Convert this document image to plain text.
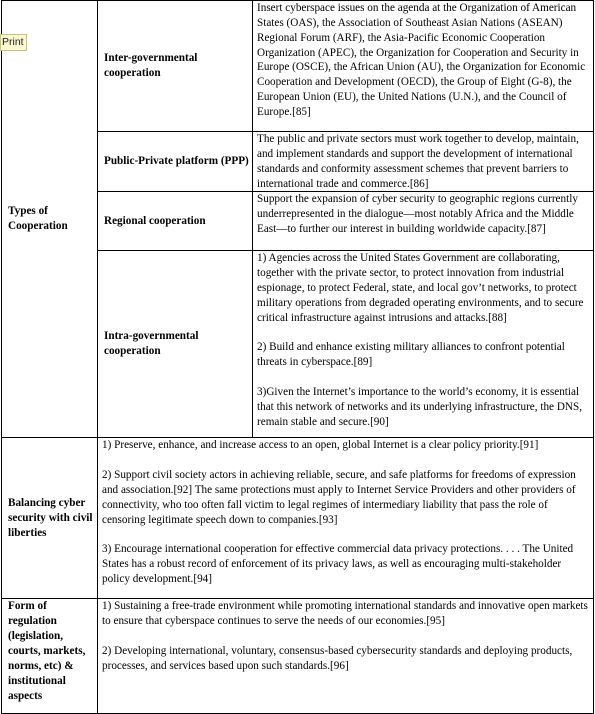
Print
Types of Cooperation	Inter-governmental cooperation	Insert cyberspace issues on the agenda at the Organization of American States (OAS), the Association of Southeast Asian Nations (ASEAN) Regional Forum (ARF), the Asia-Pacific Economic Cooperation Organization (APEC), the Organization for Cooperation and Security in Europe (OSCE), the African Union (AU), the Organization for Economic Cooperation and Development (OECD), the Group of Eight (G-8), the European Union (EU), the United Nations (U.N.), and the Council of Europe.[85]

	Public-Private platform (PPP)	The public and private sectors must work together to develop, maintain, and implement standards and support the development of international standards and conformity assessment schemes that prevent barriers to international trade and commerce.[86]

	Regional cooperation	Support the expansion of cyber security to geographic regions currently underrepresented in the dialogue—most notably Africa and the Middle East—to further our interest in building worldwide capacity.[87]

	Intra-governmental cooperation	1) Agencies across the United States Government are collaborating, together with the private sector, to protect innovation from industrial espionage, to protect Federal, state, and local gov’t networks, to protect military operations from degraded operating environments, and to secure critical infrastructure against intrusions and attacks.[88]

2) Build and enhance existing military alliances to confront potential threats in cyberspace.[89]

3)Given the Internet’s importance to the world’s economy, it is essential that this network of networks and its underlying infrastructure, the DNS, remain stable and secure.[90]

Balancing cyber security with civil liberties	1) Preserve, enhance, and increase access to an open, global Internet is a clear policy priority.[91]

2) Support civil society actors in achieving reliable, secure, and safe platforms for freedoms of expression and association.[92] The same protections must apply to Internet Service Providers and other providers of connectivity, who too often fall victim to legal regimes of intermediary liability that pass the role of censoring legitimate speech down to companies.[93]

3) Encourage international cooperation for effective commercial data privacy protections. . . . The United States has a robust record of enforcement of its privacy laws, as well as encouraging multi-stakeholder policy development.[94]	

Form of regulation (legislation, courts, markets, norms, etc) & institutional aspects	1) Sustaining a free-trade environment while promoting international standards and innovative open markets to ensure that cyberspace continues to serve the needs of our economies.[95]

2) Developing international, voluntary, consensus-based cybersecurity standards and deploying products, processes, and services based upon such standards.[96]	
